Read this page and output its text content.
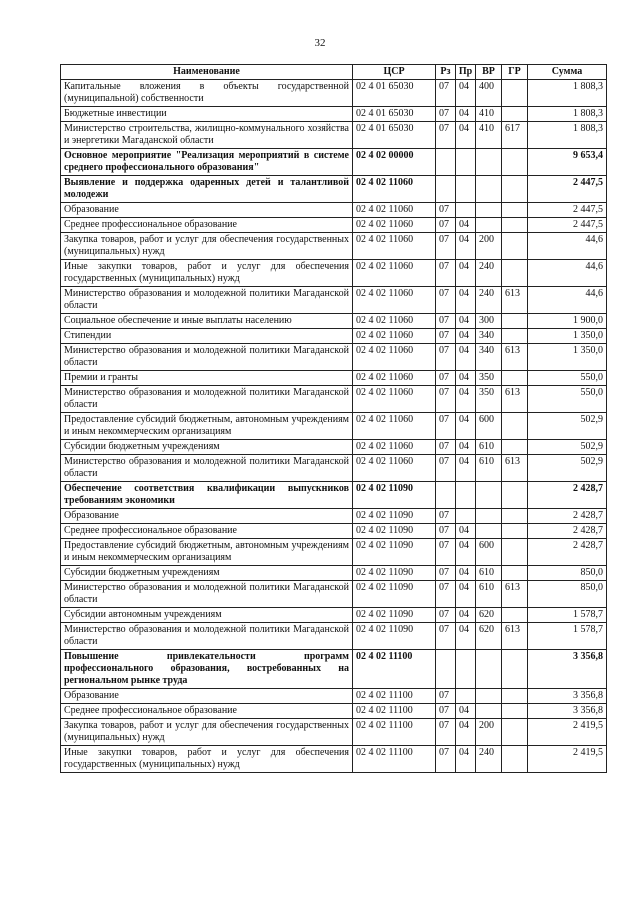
32
Наименование	ЦСР	Рз	Пр	ВР	ГР	Сумма
Капитальные вложения в объекты государственной (муниципальной) собственности	02 4 01 65030	07	04	400		1 808,3
Бюджетные инвестиции	02 4 01 65030	07	04	410		1 808,3
Министерство строительства, жилищно-коммунального хозяйства и энергетики Магаданской области	02 4 01 65030	07	04	410	617	1 808,3
Основное мероприятие "Реализация мероприятий в системе среднего профессионального образования"	02 4 02 00000					9 653,4
Выявление и поддержка одаренных детей и талантливой молодежи	02 4 02 11060					2 447,5
Образование	02 4 02 11060	07				2 447,5
Среднее профессиональное образование	02 4 02 11060	07	04			2 447,5
Закупка товаров, работ и услуг для обеспечения государственных (муниципальных) нужд	02 4 02 11060	07	04	200		44,6
Иные закупки товаров, работ и услуг для обеспечения государственных (муниципальных) нужд	02 4 02 11060	07	04	240		44,6
Министерство образования и молодежной политики Магаданской области	02 4 02 11060	07	04	240	613	44,6
Социальное обеспечение и иные выплаты населению	02 4 02 11060	07	04	300		1 900,0
Стипендии	02 4 02 11060	07	04	340		1 350,0
Министерство образования и молодежной политики Магаданской области	02 4 02 11060	07	04	340	613	1 350,0
Премии и гранты	02 4 02 11060	07	04	350		550,0
Министерство образования и молодежной политики Магаданской области	02 4 02 11060	07	04	350	613	550,0
Предоставление субсидий бюджетным, автономным учреждениям и иным некоммерческим организациям	02 4 02 11060	07	04	600		502,9
Субсидии бюджетным учреждениям	02 4 02 11060	07	04	610		502,9
Министерство образования и молодежной политики Магаданской области	02 4 02 11060	07	04	610	613	502,9
Обеспечение соответствия квалификации выпускников требованиям экономики	02 4 02 11090					2 428,7
Образование	02 4 02 11090	07				2 428,7
Среднее профессиональное образование	02 4 02 11090	07	04			2 428,7
Предоставление субсидий бюджетным, автономным учреждениям и иным некоммерческим организациям	02 4 02 11090	07	04	600		2 428,7
Субсидии бюджетным учреждениям	02 4 02 11090	07	04	610		850,0
Министерство образования и молодежной политики Магаданской области	02 4 02 11090	07	04	610	613	850,0
Субсидии автономным учреждениям	02 4 02 11090	07	04	620		1 578,7
Министерство образования и молодежной политики Магаданской области	02 4 02 11090	07	04	620	613	1 578,7
Повышение привлекательности программ профессионального образования, востребованных на региональном рынке труда	02 4 02 11100					3 356,8
Образование	02 4 02 11100	07				3 356,8
Среднее профессиональное образование	02 4 02 11100	07	04			3 356,8
Закупка товаров, работ и услуг для обеспечения государственных (муниципальных) нужд	02 4 02 11100	07	04	200		2 419,5
Иные закупки товаров, работ и услуг для обеспечения государственных (муниципальных) нужд	02 4 02 11100	07	04	240		2 419,5
